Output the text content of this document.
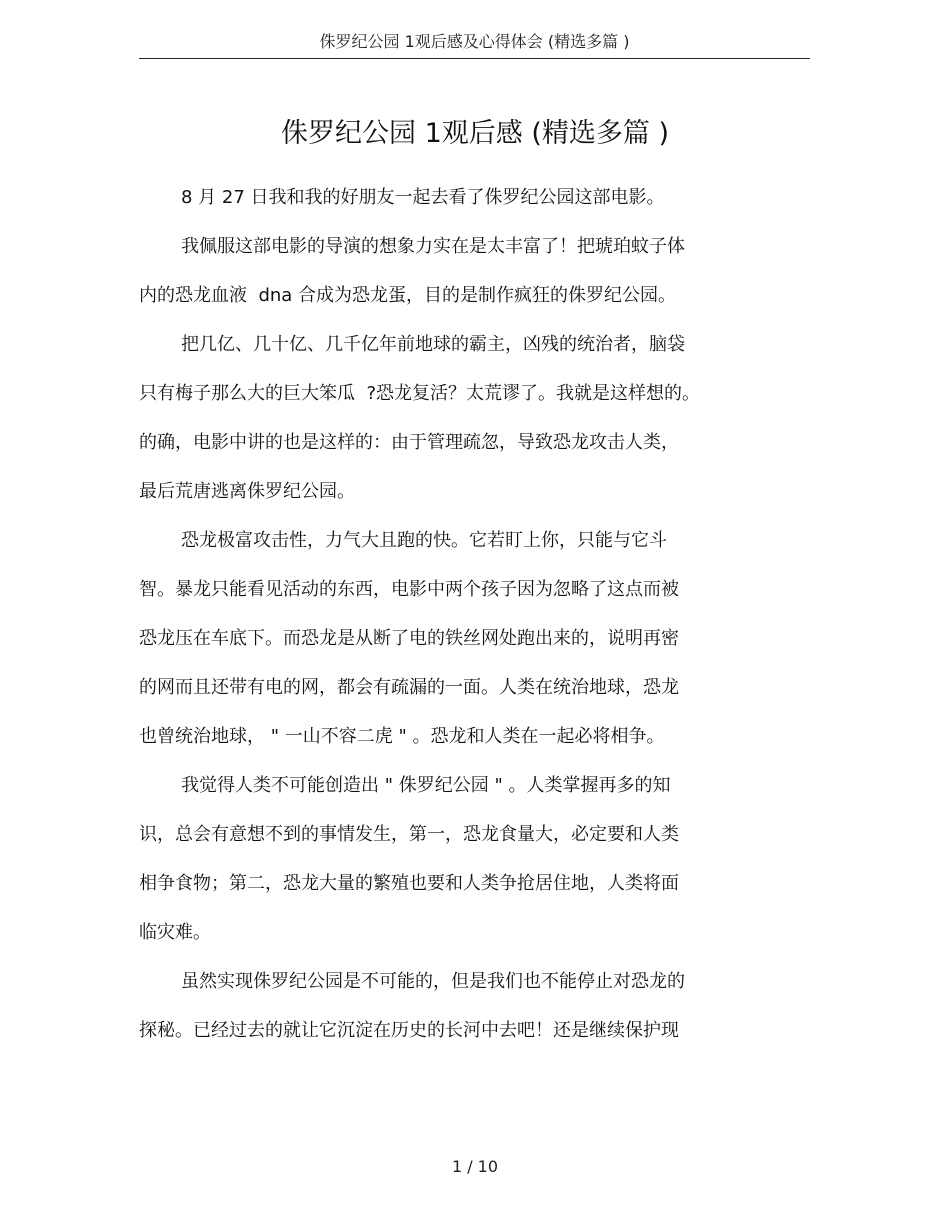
侏罗纪公园 1观后感及心得体会 (精选多篇 )
侏罗纪公园 1观后感 (精选多篇 )
8 月 27 日我和我的好朋友一起去看了侏罗纪公园这部电影。
我佩服这部电影的导演的想象力实在是太丰富了！把琥珀蚊子体
内的恐龙血液  dna 合成为恐龙蛋，目的是制作疯狂的侏罗纪公园。
把几亿、几十亿、几千亿年前地球的霸主，凶残的统治者，脑袋
只有梅子那么大的巨大笨瓜  ?恐龙复活？太荒谬了。我就是这样想的。
的确，电影中讲的也是这样的：由于管理疏忽，导致恐龙攻击人类，
最后荒唐逃离侏罗纪公园。
恐龙极富攻击性，力气大且跑的快。它若盯上你，只能与它斗
智。暴龙只能看见活动的东西，电影中两个孩子因为忽略了这点而被
恐龙压在车底下。而恐龙是从断了电的铁丝网处跑出来的，说明再密
的网而且还带有电的网，都会有疏漏的一面。人类在统治地球，恐龙
也曾统治地球， " 一山不容二虎 " 。恐龙和人类在一起必将相争。
我觉得人类不可能创造出 " 侏罗纪公园 " 。人类掌握再多的知
识，总会有意想不到的事情发生，第一，恐龙食量大，必定要和人类
相争食物；第二，恐龙大量的繁殖也要和人类争抢居住地，人类将面
临灾难。
虽然实现侏罗纪公园是不可能的，但是我们也不能停止对恐龙的
探秘。已经过去的就让它沉淀在历史的长河中去吧！还是继续保护现
1 / 10
